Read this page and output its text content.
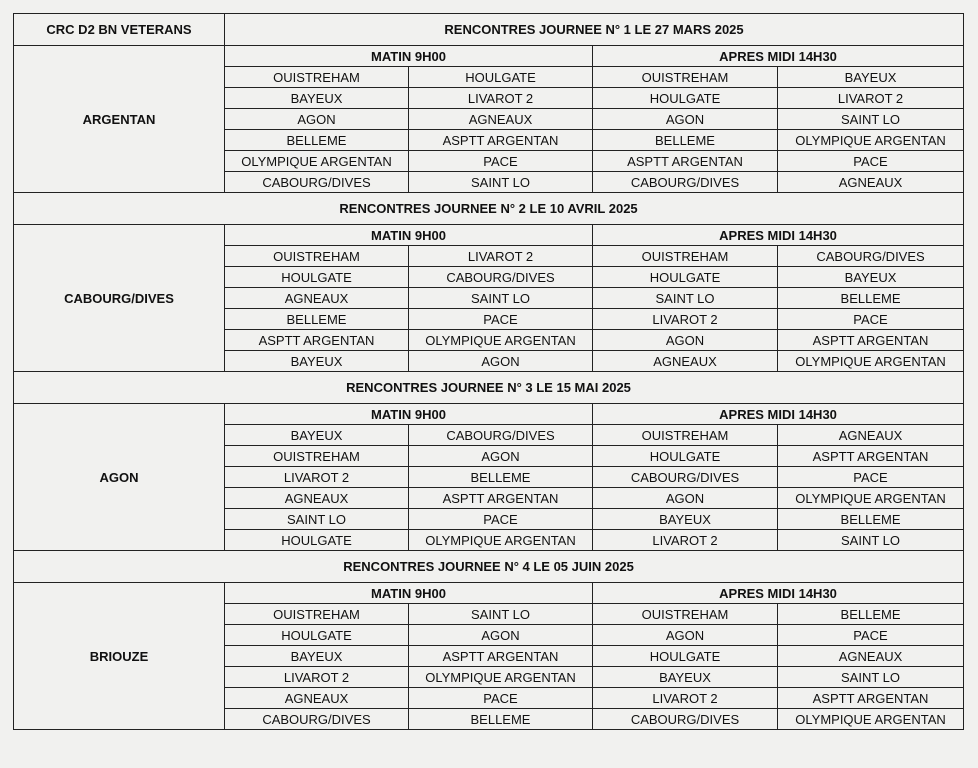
CRC D2 BN VETERANS	RENCONTRES JOURNEE N° 1 LE 27 MARS 2025			
ARGENTAN	MATIN 9H00		APRES MIDI 14H30	
	OUISTREHAM	HOULGATE	OUISTREHAM	BAYEUX
	BAYEUX	LIVAROT 2	HOULGATE	LIVAROT 2
	AGON	AGNEAUX	AGON	SAINT LO
	BELLEME	ASPTT ARGENTAN	BELLEME	OLYMPIQUE ARGENTAN
	OLYMPIQUE ARGENTAN	PACE	ASPTT ARGENTAN	PACE
	CABOURG/DIVES	SAINT LO	CABOURG/DIVES	AGNEAUX
RENCONTRES JOURNEE N° 2 LE 10 AVRIL 2025				
CABOURG/DIVES	MATIN 9H00		APRES MIDI 14H30	
	OUISTREHAM	LIVAROT 2	OUISTREHAM	CABOURG/DIVES
	HOULGATE	CABOURG/DIVES	HOULGATE	BAYEUX
	AGNEAUX	SAINT LO	SAINT LO	BELLEME
	BELLEME	PACE	LIVAROT 2	PACE
	ASPTT ARGENTAN	OLYMPIQUE ARGENTAN	AGON	ASPTT ARGENTAN
	BAYEUX	AGON	AGNEAUX	OLYMPIQUE ARGENTAN
RENCONTRES JOURNEE N° 3 LE 15 MAI 2025				
AGON	MATIN 9H00		APRES MIDI 14H30	
	BAYEUX	CABOURG/DIVES	OUISTREHAM	AGNEAUX
	OUISTREHAM	AGON	HOULGATE	ASPTT ARGENTAN
	LIVAROT 2	BELLEME	CABOURG/DIVES	PACE
	AGNEAUX	ASPTT ARGENTAN	AGON	OLYMPIQUE ARGENTAN
	SAINT LO	PACE	BAYEUX	BELLEME
	HOULGATE	OLYMPIQUE ARGENTAN	LIVAROT 2	SAINT LO
RENCONTRES JOURNEE N° 4 LE 05 JUIN 2025				
BRIOUZE	MATIN 9H00		APRES MIDI 14H30	
	OUISTREHAM	SAINT LO	OUISTREHAM	BELLEME
	HOULGATE	AGON	AGON	PACE
	BAYEUX	ASPTT ARGENTAN	HOULGATE	AGNEAUX
	LIVAROT 2	OLYMPIQUE ARGENTAN	BAYEUX	SAINT LO
	AGNEAUX	PACE	LIVAROT 2	ASPTT ARGENTAN
	CABOURG/DIVES	BELLEME	CABOURG/DIVES	OLYMPIQUE ARGENTAN
